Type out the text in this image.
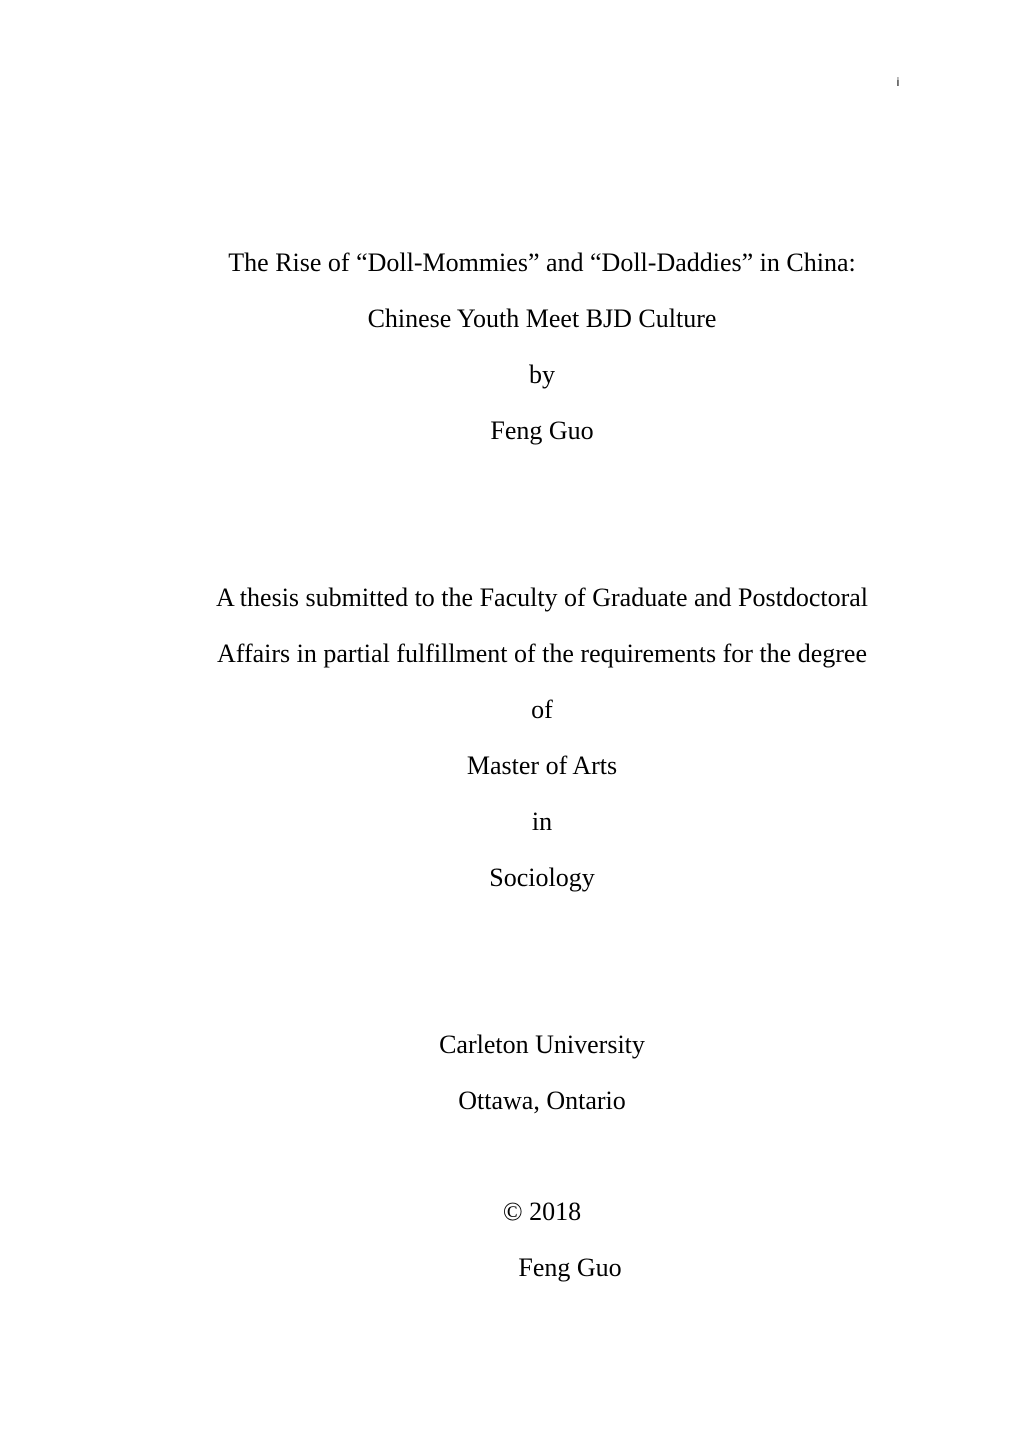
i
The Rise of “Doll-Mommies” and “Doll-Daddies” in China:
Chinese Youth Meet BJD Culture
by
Feng Guo
A thesis submitted to the Faculty of Graduate and Postdoctoral
Affairs in partial fulfillment of the requirements for the degree
of
Master of Arts
in
Sociology
Carleton University
Ottawa, Ontario
© 2018
Feng Guo
